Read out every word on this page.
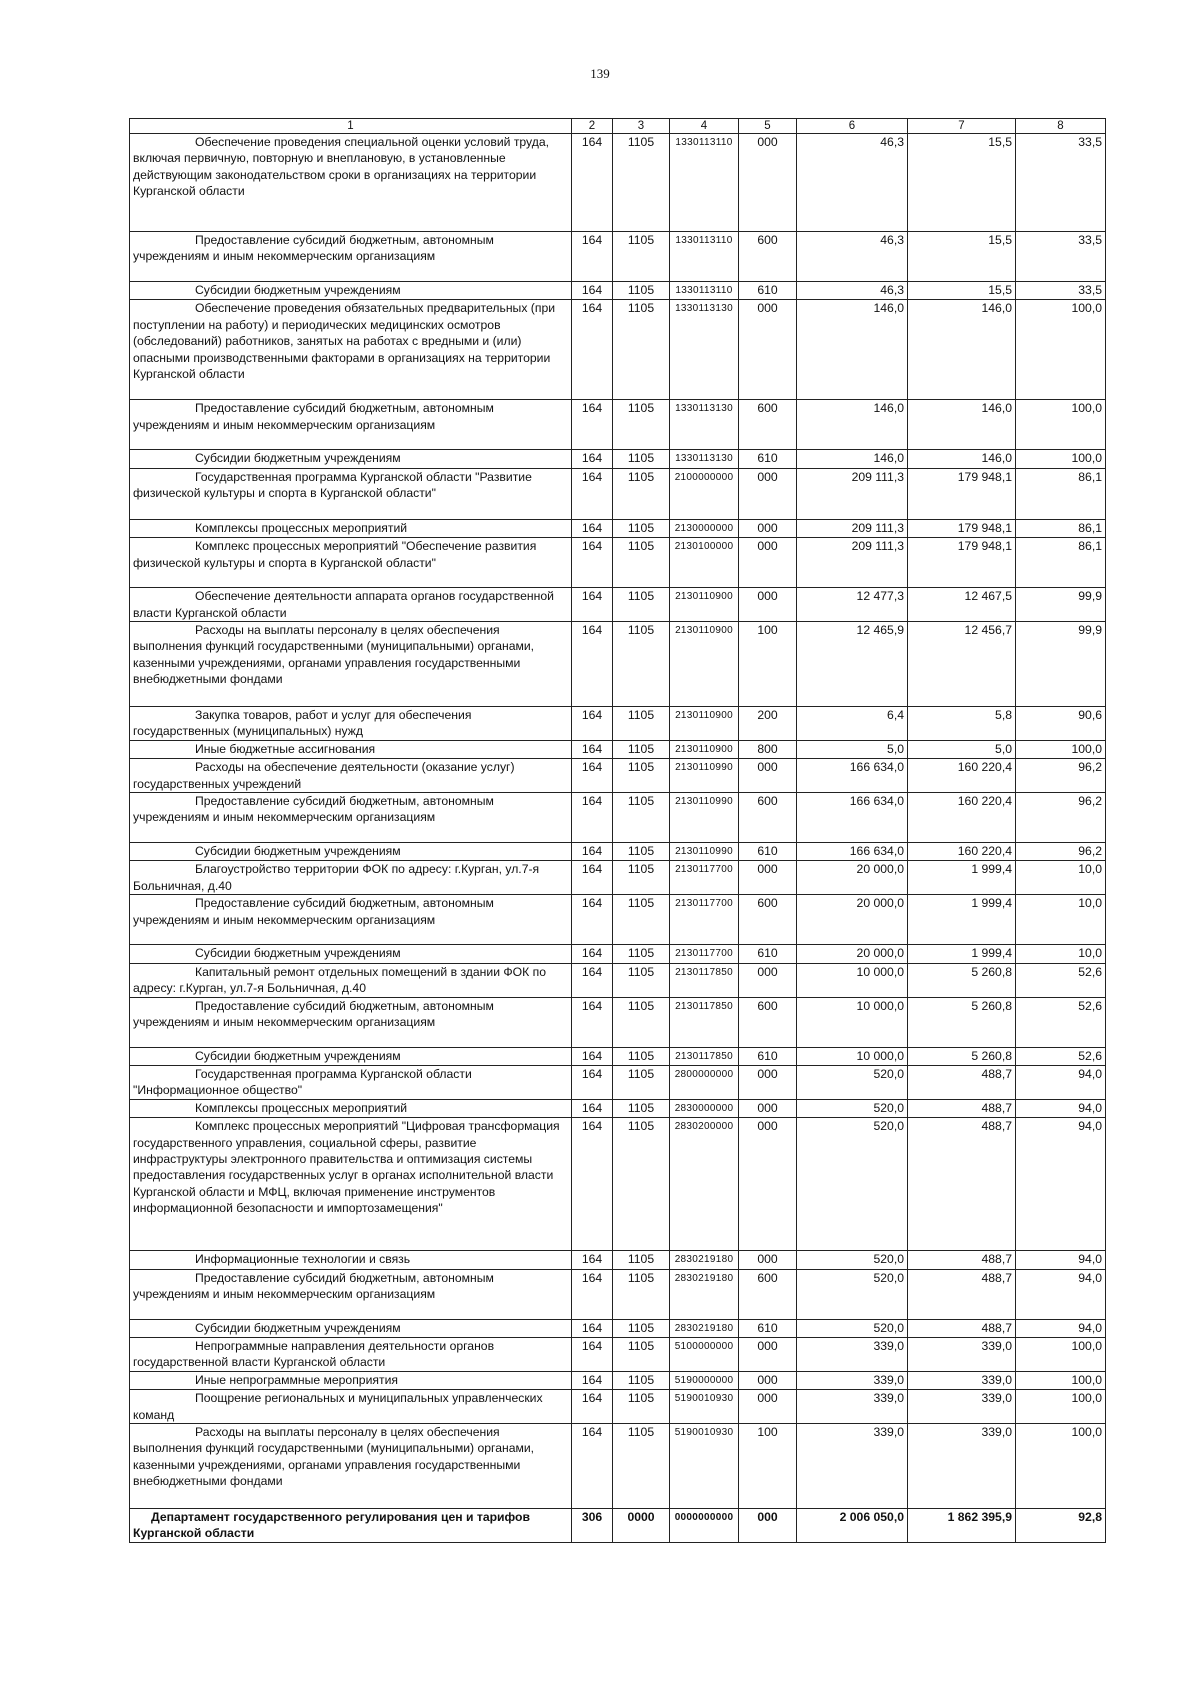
139
1	2	3	4	5	6	7	8
Обеспечение проведения специальной оценки условий труда, включая первичную, повторную и внеплановую, в установленные действующим законодательством сроки в организациях на территории Курганской области	164	1105	1330113110	000	46,3	15,5	33,5
Предоставление субсидий бюджетным, автономным учреждениям и иным некоммерческим организациям	164	1105	1330113110	600	46,3	15,5	33,5
Субсидии бюджетным учреждениям	164	1105	1330113110	610	46,3	15,5	33,5
Обеспечение проведения обязательных предварительных (при поступлении на работу) и периодических медицинских осмотров (обследований) работников, занятых на работах с вредными и (или) опасными производственными факторами в организациях на территории Курганской области	164	1105	1330113130	000	146,0	146,0	100,0
Предоставление субсидий бюджетным, автономным учреждениям и иным некоммерческим организациям	164	1105	1330113130	600	146,0	146,0	100,0
Субсидии бюджетным учреждениям	164	1105	1330113130	610	146,0	146,0	100,0
Государственная программа Курганской области "Развитие физической культуры и спорта в Курганской области"	164	1105	2100000000	000	209 111,3	179 948,1	86,1
Комплексы процессных мероприятий	164	1105	2130000000	000	209 111,3	179 948,1	86,1
Комплекс процессных мероприятий "Обеспечение развития физической культуры и спорта в Курганской области"	164	1105	2130100000	000	209 111,3	179 948,1	86,1
Обеспечение деятельности аппарата органов государственной власти Курганской области	164	1105	2130110900	000	12 477,3	12 467,5	99,9
Расходы на выплаты персоналу в целях обеспечения выполнения функций государственными (муниципальными) органами, казенными учреждениями, органами управления государственными внебюджетными фондами	164	1105	2130110900	100	12 465,9	12 456,7	99,9
Закупка товаров, работ и услуг для обеспечения государственных (муниципальных) нужд	164	1105	2130110900	200	6,4	5,8	90,6
Иные бюджетные ассигнования	164	1105	2130110900	800	5,0	5,0	100,0
Расходы на обеспечение деятельности (оказание услуг) государственных учреждений	164	1105	2130110990	000	166 634,0	160 220,4	96,2
Предоставление субсидий бюджетным, автономным учреждениям и иным некоммерческим организациям	164	1105	2130110990	600	166 634,0	160 220,4	96,2
Субсидии бюджетным учреждениям	164	1105	2130110990	610	166 634,0	160 220,4	96,2
Благоустройство территории ФОК по адресу: г.Курган, ул.7-я Больничная, д.40	164	1105	2130117700	000	20 000,0	1 999,4	10,0
Предоставление субсидий бюджетным, автономным учреждениям и иным некоммерческим организациям	164	1105	2130117700	600	20 000,0	1 999,4	10,0
Субсидии бюджетным учреждениям	164	1105	2130117700	610	20 000,0	1 999,4	10,0
Капитальный ремонт отдельных помещений в здании ФОК по адресу: г.Курган, ул.7-я Больничная, д.40	164	1105	2130117850	000	10 000,0	5 260,8	52,6
Предоставление субсидий бюджетным, автономным учреждениям и иным некоммерческим организациям	164	1105	2130117850	600	10 000,0	5 260,8	52,6
Субсидии бюджетным учреждениям	164	1105	2130117850	610	10 000,0	5 260,8	52,6
Государственная программа Курганской области "Информационное общество"	164	1105	2800000000	000	520,0	488,7	94,0
Комплексы процессных мероприятий	164	1105	2830000000	000	520,0	488,7	94,0
Комплекс процессных мероприятий "Цифровая трансформация государственного управления, социальной сферы, развитие инфраструктуры электронного правительства и оптимизация системы предоставления государственных услуг в органах исполнительной власти Курганской области и МФЦ, включая применение инструментов информационной безопасности и импортозамещения"	164	1105	2830200000	000	520,0	488,7	94,0
Информационные технологии и связь	164	1105	2830219180	000	520,0	488,7	94,0
Предоставление субсидий бюджетным, автономным учреждениям и иным некоммерческим организациям	164	1105	2830219180	600	520,0	488,7	94,0
Субсидии бюджетным учреждениям	164	1105	2830219180	610	520,0	488,7	94,0
Непрограммные направления деятельности органов государственной власти Курганской области	164	1105	5100000000	000	339,0	339,0	100,0
Иные непрограммные мероприятия	164	1105	5190000000	000	339,0	339,0	100,0
Поощрение региональных и муниципальных управленческих команд	164	1105	5190010930	000	339,0	339,0	100,0
Расходы на выплаты персоналу в целях обеспечения выполнения функций государственными (муниципальными) органами, казенными учреждениями, органами управления государственными внебюджетными фондами	164	1105	5190010930	100	339,0	339,0	100,0
Департамент государственного регулирования цен и тарифов Курганской области	306	0000	0000000000	000	2 006 050,0	1 862 395,9	92,8
